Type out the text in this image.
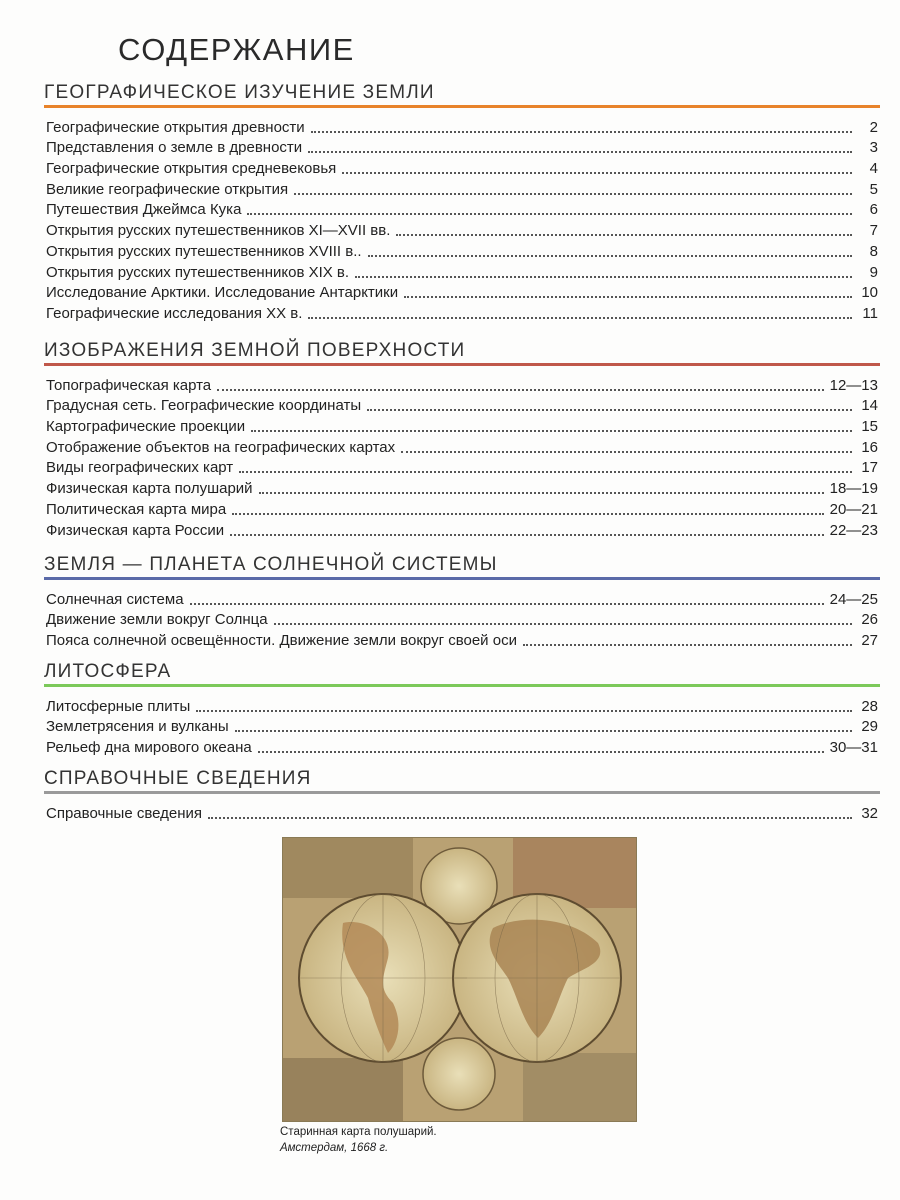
СОДЕРЖАНИЕ
ГЕОГРАФИЧЕСКОЕ ИЗУЧЕНИЕ ЗЕМЛИ
Географические открытия древности	2
Представления о земле в древности	3
Географические открытия средневековья	4
Великие географические открытия	5
Путешествия Джеймса Кука	6
Открытия русских путешественников XI—XVII вв.	7
Открытия русских путешественников XVIII в..	8
Открытия русских путешественников XIX в.	9
Исследование Арктики. Исследование Антарктики	10
Географические исследования XX в.	11
ИЗОБРАЖЕНИЯ ЗЕМНОЙ ПОВЕРХНОСТИ
Топографическая карта	12—13
Градусная сеть. Географические координаты	14
Картографические проекции	15
Отображение объектов на географических картах	16
Виды географических карт	17
Физическая карта полушарий	18—19
Политическая карта мира	20—21
Физическая карта России	22—23
ЗЕМЛЯ — ПЛАНЕТА СОЛНЕЧНОЙ СИСТЕМЫ
Солнечная система	24—25
Движение земли вокруг Солнца	26
Пояса солнечной освещённости. Движение земли вокруг своей оси	27
ЛИТОСФЕРА
Литосферные плиты	28
Землетрясения и вулканы	29
Рельеф дна мирового океана	30—31
СПРАВОЧНЫЕ СВЕДЕНИЯ
Справочные сведения	32
Старинная карта полушарий.
Амстердам, 1668 г.
